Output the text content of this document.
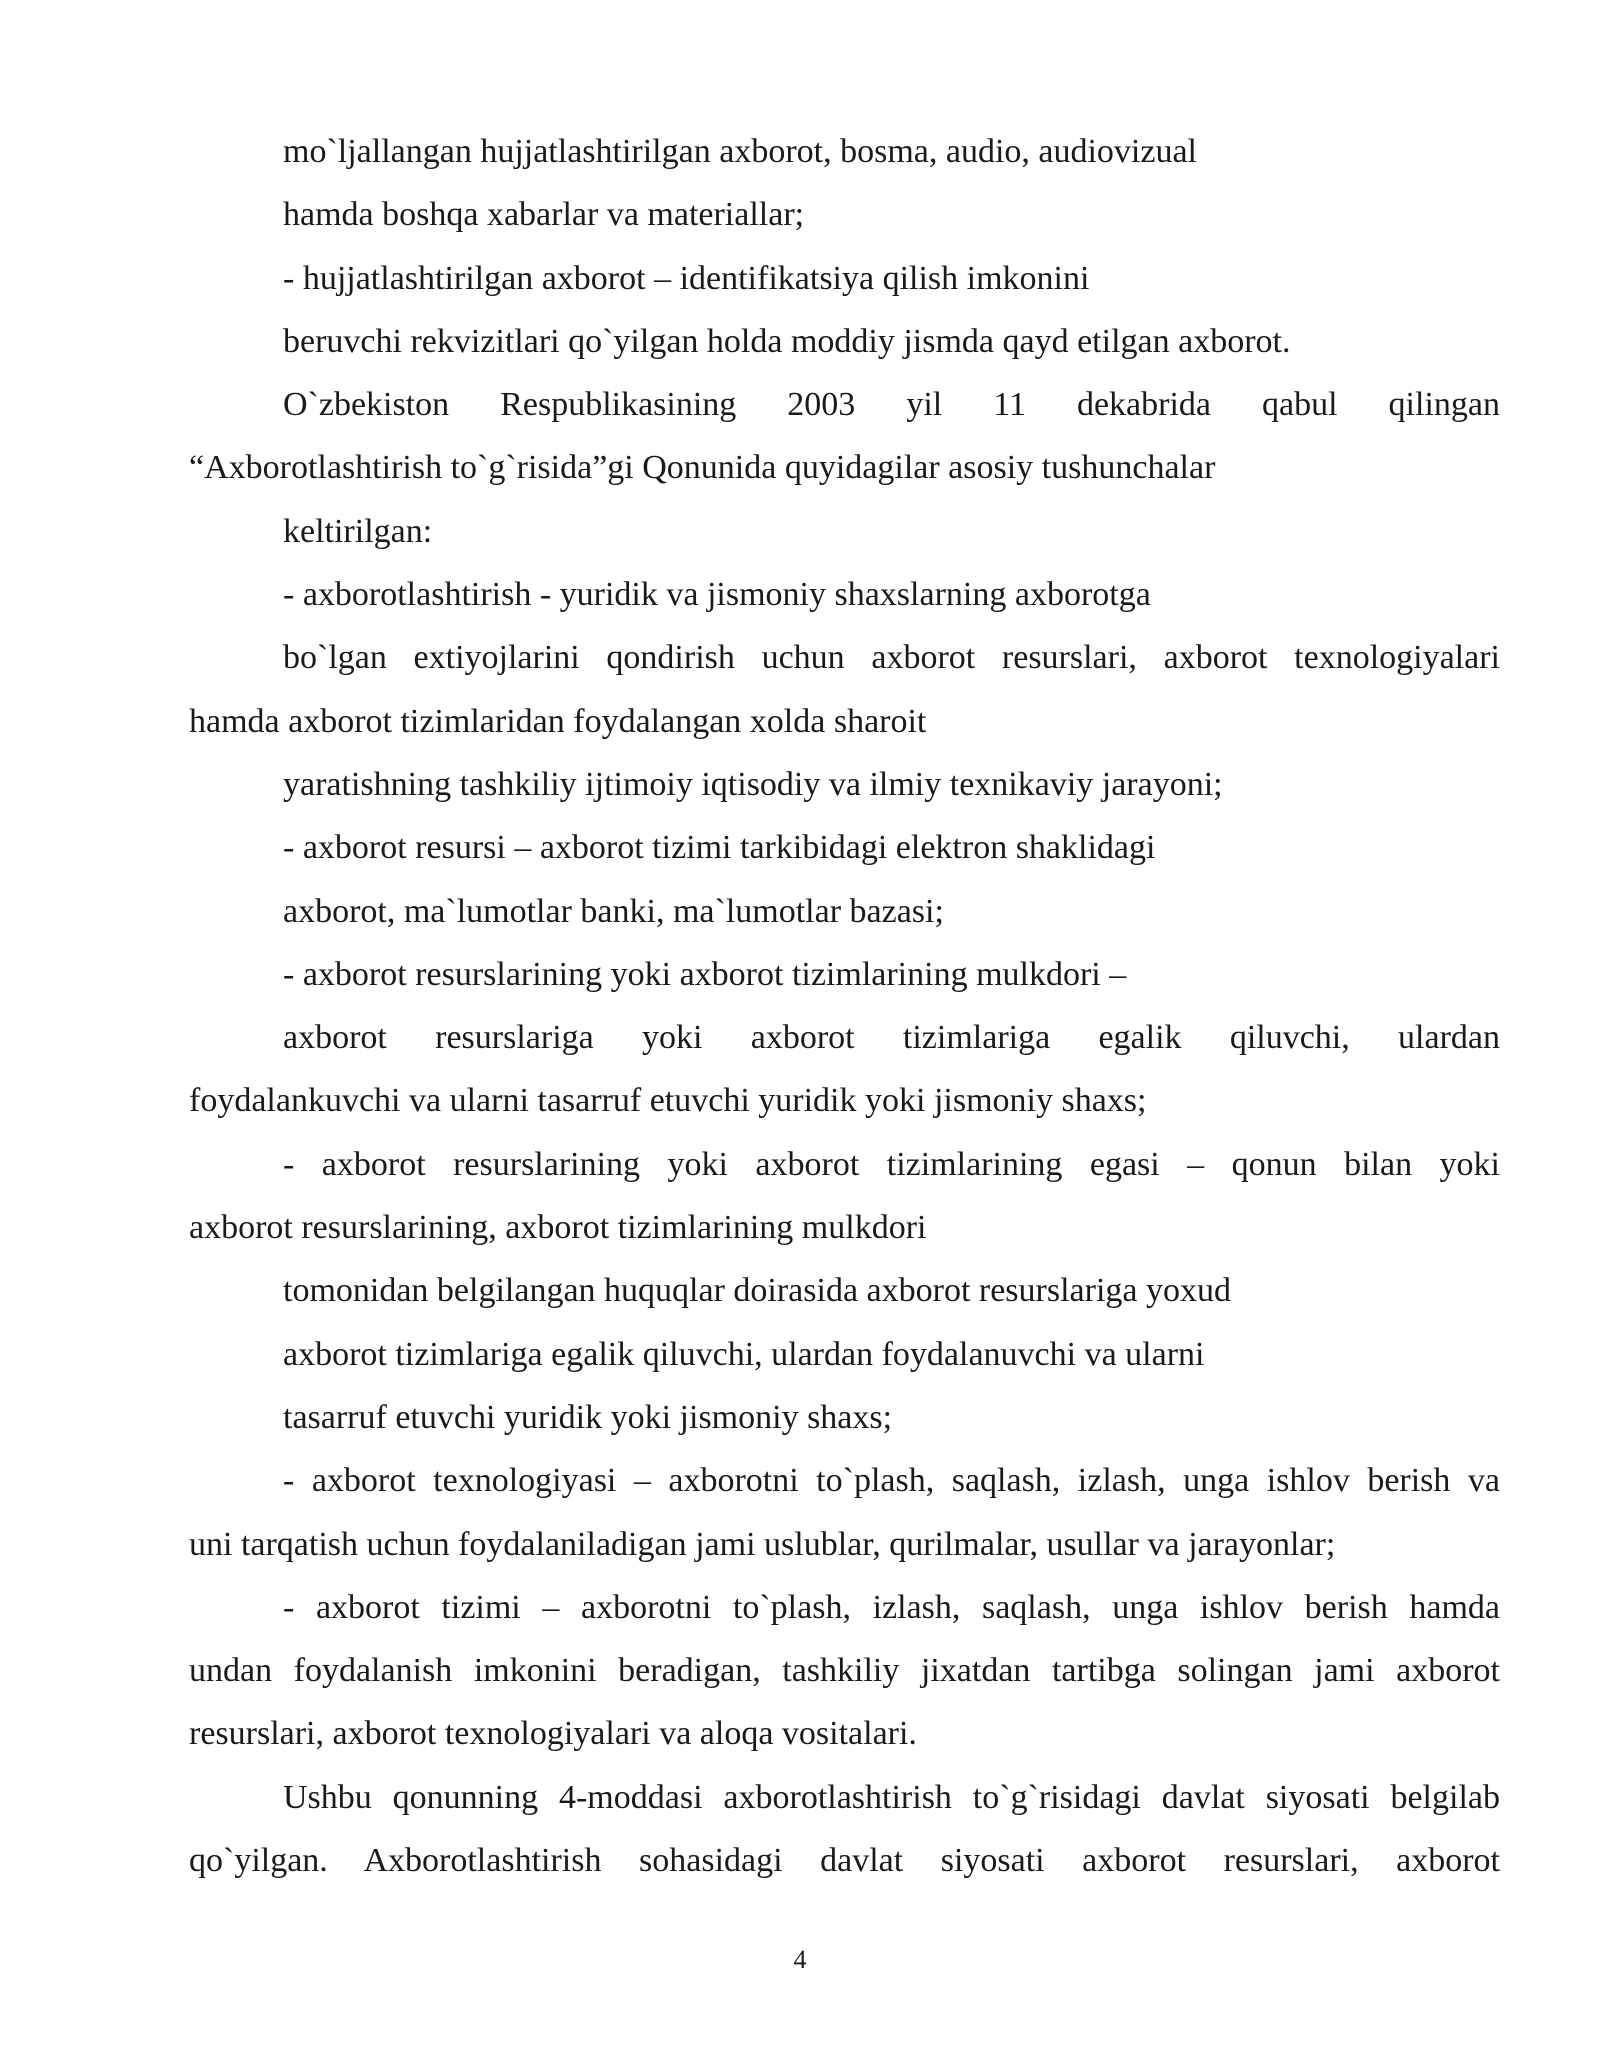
mo`ljallangan hujjatlashtirilgan axborot, bosma, audio, audiovizual
hamda boshqa xabarlar va materiallar;
- hujjatlashtirilgan axborot – identifikatsiya qilish imkonini
beruvchi rekvizitlari qo`yilgan holda moddiy jismda qayd etilgan axborot.
O`zbekiston Respublikasining 2003 yil 11 dekabrida qabul qilingan
“Axborotlashtirish to`g`risida”gi Qonunida quyidagilar asosiy tushunchalar
keltirilgan:
- axborotlashtirish - yuridik va jismoniy shaxslarning axborotga
bo`lgan extiyojlarini qondirish uchun axborot resurslari, axborot texnologiyalari
hamda axborot tizimlaridan foydalangan xolda sharoit
yaratishning tashkiliy ijtimoiy iqtisodiy va ilmiy texnikaviy jarayoni;
- axborot resursi – axborot tizimi tarkibidagi elektron shaklidagi
axborot, ma`lumotlar banki, ma`lumotlar bazasi;
- axborot resurslarining yoki axborot tizimlarining mulkdori –
axborot resurslariga yoki axborot tizimlariga egalik qiluvchi, ulardan
foydalankuvchi va ularni tasarruf etuvchi yuridik yoki jismoniy shaxs;
- axborot resurslarining yoki axborot tizimlarining egasi – qonun bilan yoki
axborot resurslarining, axborot tizimlarining mulkdori
tomonidan belgilangan huquqlar doirasida axborot resurslariga yoxud
axborot tizimlariga egalik qiluvchi, ulardan foydalanuvchi va ularni
tasarruf etuvchi yuridik yoki jismoniy shaxs;
- axborot texnologiyasi – axborotni to`plash, saqlash, izlash, unga ishlov berish va
uni tarqatish uchun foydalaniladigan jami uslublar, qurilmalar, usullar va jarayonlar;
- axborot tizimi – axborotni to`plash, izlash, saqlash, unga ishlov berish hamda
undan foydalanish imkonini beradigan, tashkiliy jixatdan tartibga solingan jami axborot
resurslari, axborot texnologiyalari va aloqa vositalari.
Ushbu qonunning 4-moddasi axborotlashtirish to`g`risidagi davlat siyosati belgilab
qo`yilgan. Axborotlashtirish sohasidagi davlat siyosati axborot resurslari, axborot
4
